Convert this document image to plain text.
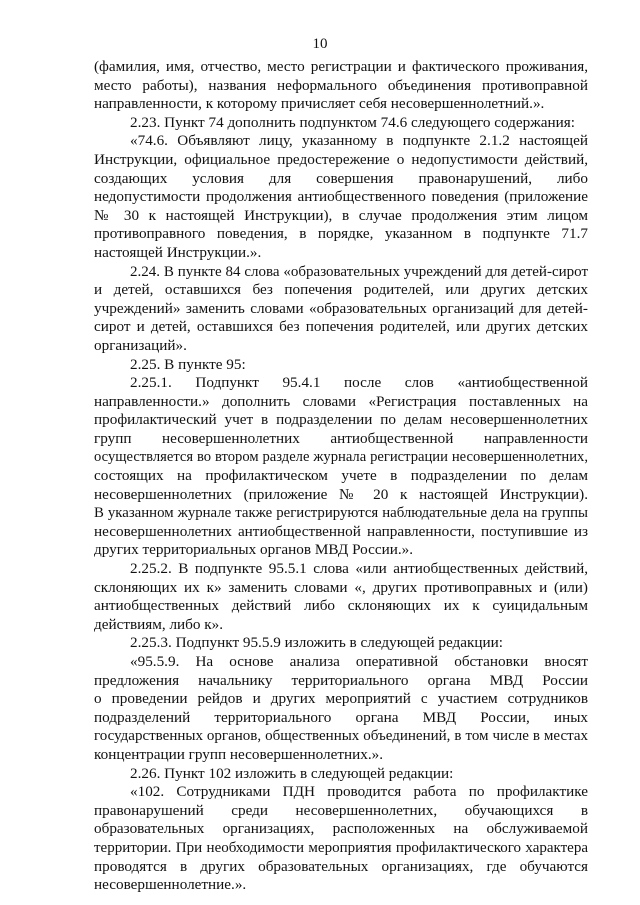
10
(фамилия, имя, отчество, место регистрации и фактического проживания,
место работы), названия неформального объединения противоправной
направленности, к которому причисляет себя несовершеннолетний.».
2.23. Пункт 74 дополнить подпунктом 74.6 следующего содержания:
«74.6. Объявляют лицу, указанному в подпункте 2.1.2 настоящей
Инструкции, официальное предостережение о недопустимости действий,
создающих условия для совершения правонарушений, либо
недопустимости продолжения антиобщественного поведения (приложение
№ 30 к настоящей Инструкции), в случае продолжения этим лицом
противоправного поведения, в порядке, указанном в подпункте 71.7
настоящей Инструкции.».
2.24. В пункте 84 слова «образовательных учреждений для детей-сирот
и детей, оставшихся без попечения родителей, или других детских
учреждений» заменить словами «образовательных организаций для детей-
сирот и детей, оставшихся без попечения родителей, или других детских
организаций».
2.25. В пункте 95:
2.25.1. Подпункт 95.4.1 после слов «антиобщественной
направленности.» дополнить словами «Регистрация поставленных на
профилактический учет в подразделении по делам несовершеннолетних
групп несовершеннолетних антиобщественной направленности
осуществляется во втором разделе журнала регистрации несовершеннолетних,
состоящих на профилактическом учете в подразделении по делам
несовершеннолетних (приложение № 20 к настоящей Инструкции).
В указанном журнале также регистрируются наблюдательные дела на группы
несовершеннолетних антиобщественной направленности, поступившие из
других территориальных органов МВД России.».
2.25.2. В подпункте 95.5.1 слова «или антиобщественных действий,
склоняющих их к» заменить словами «, других противоправных и (или)
антиобщественных действий либо склоняющих их к суицидальным
действиям, либо к».
2.25.3. Подпункт 95.5.9 изложить в следующей редакции:
«95.5.9. На основе анализа оперативной обстановки вносят
предложения начальнику территориального органа МВД России
о проведении рейдов и других мероприятий с участием сотрудников
подразделений территориального органа МВД России, иных
государственных органов, общественных объединений, в том числе в местах
концентрации групп несовершеннолетних.».
2.26. Пункт 102 изложить в следующей редакции:
«102. Сотрудниками ПДН проводится работа по профилактике
правонарушений среди несовершеннолетних, обучающихся в
образовательных организациях, расположенных на обслуживаемой
территории. При необходимости мероприятия профилактического характера
проводятся в других образовательных организациях, где обучаются
несовершеннолетние.».
